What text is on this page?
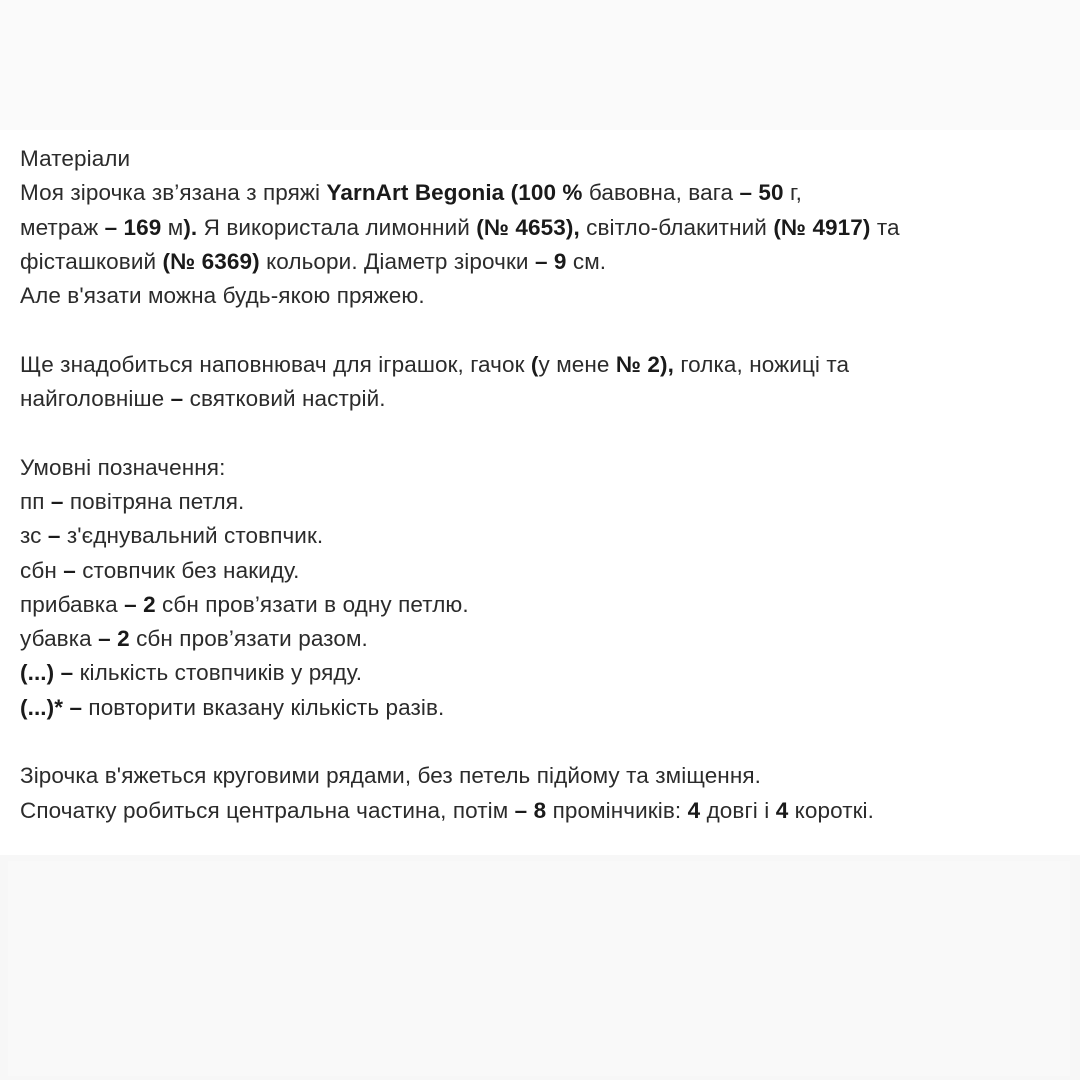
Матеріали
Моя зірочка зв’язана з пряжі YarnArt Begonia (100 % бавовна, вага – 50 г,
метраж – 169 м). Я використала лимонний (№ 4653), світло-блакитний (№ 4917) та
фісташковий (№ 6369) кольори. Діаметр зірочки – 9 см.
Але в'язати можна будь-якою пряжею.
Ще знадобиться наповнювач для іграшок, гачок (у мене № 2), голка, ножиці та
найголовніше – святковий настрій.
Умовні позначення:
пп – повітряна петля.
зс – з'єднувальний стовпчик.
сбн – стовпчик без накиду.
прибавка – 2 сбн пров’язати в одну петлю.
убавка – 2 сбн пров’язати разом.
(...) – кількість стовпчиків у ряду.
(...)* – повторити вказану кількість разів.
Зірочка в'яжеться круговими рядами, без петель підйому та зміщення.
Спочатку робиться центральна частина, потім – 8 промінчиків: 4 довгі і 4 короткі.
